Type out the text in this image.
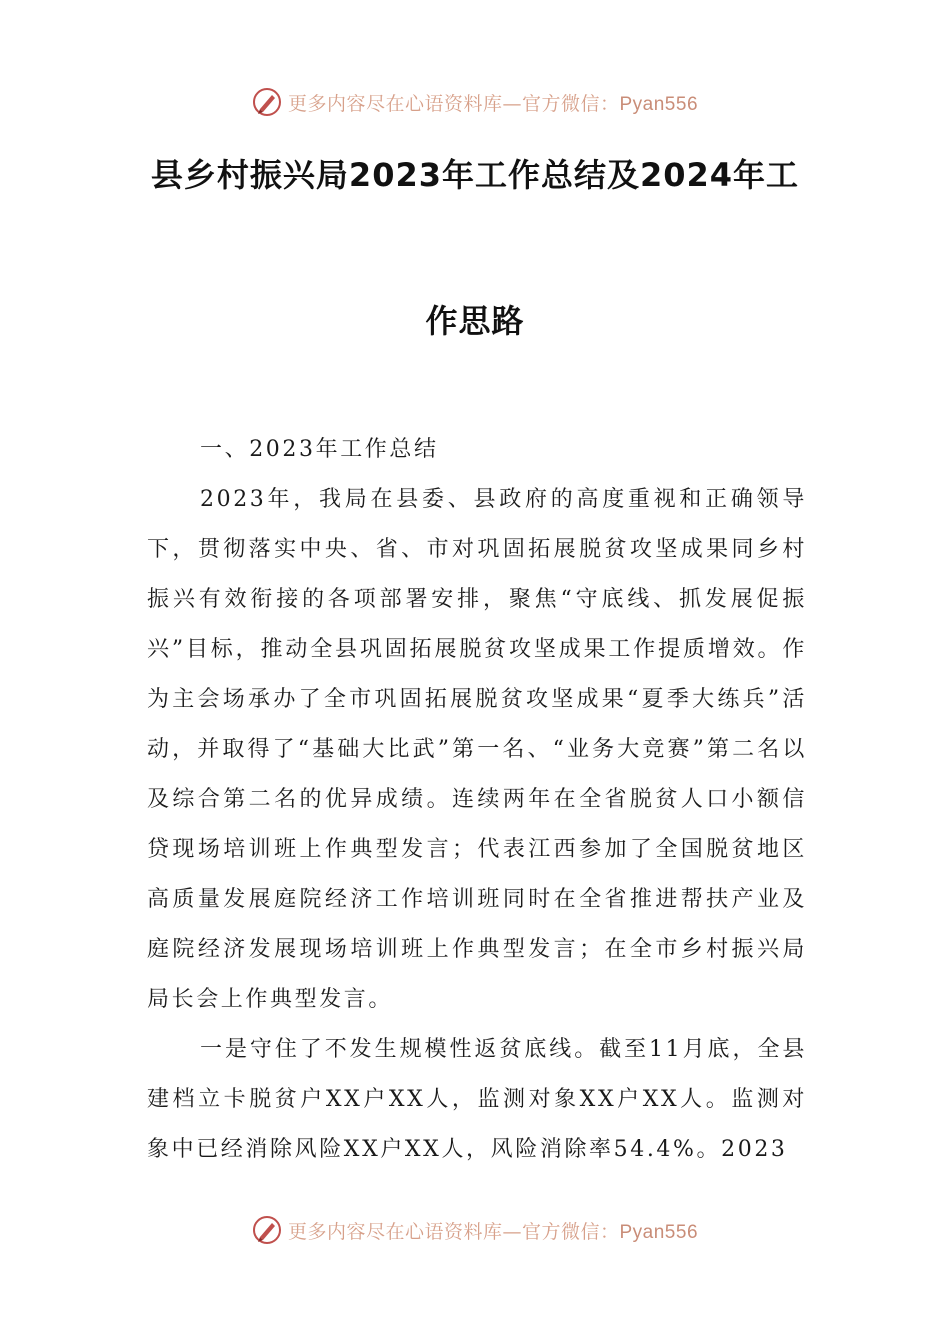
更多内容尽在心语资料库—官方微信：Pyan556
县乡村振兴局2023年工作总结及2024年工
作思路

一、2023年工作总结

2023年，我局在县委、县政府的高度重视和正确领导下，贯彻落实中央、省、市对巩固拓展脱贫攻坚成果同乡村振兴有效衔接的各项部署安排，聚焦“守底线、抓发展促振兴”目标，推动全县巩固拓展脱贫攻坚成果工作提质增效。作为主会场承办了全市巩固拓展脱贫攻坚成果“夏季大练兵”活动，并取得了“基础大比武”第一名、“业务大竞赛”第二名以及综合第二名的优异成绩。连续两年在全省脱贫人口小额信贷现场培训班上作典型发言；代表江西参加了全国脱贫地区高质量发展庭院经济工作培训班同时在全省推进帮扶产业及庭院经济发展现场培训班上作典型发言；在全市乡村振兴局局长会上作典型发言。

一是守住了不发生规模性返贫底线。截至11月底，全县建档立卡脱贫户XX户XX人，监测对象XX户XX人。监测对象中已经消除风险XX户XX人，风险消除率54.4%。2023

更多内容尽在心语资料库—官方微信：Pyan556
